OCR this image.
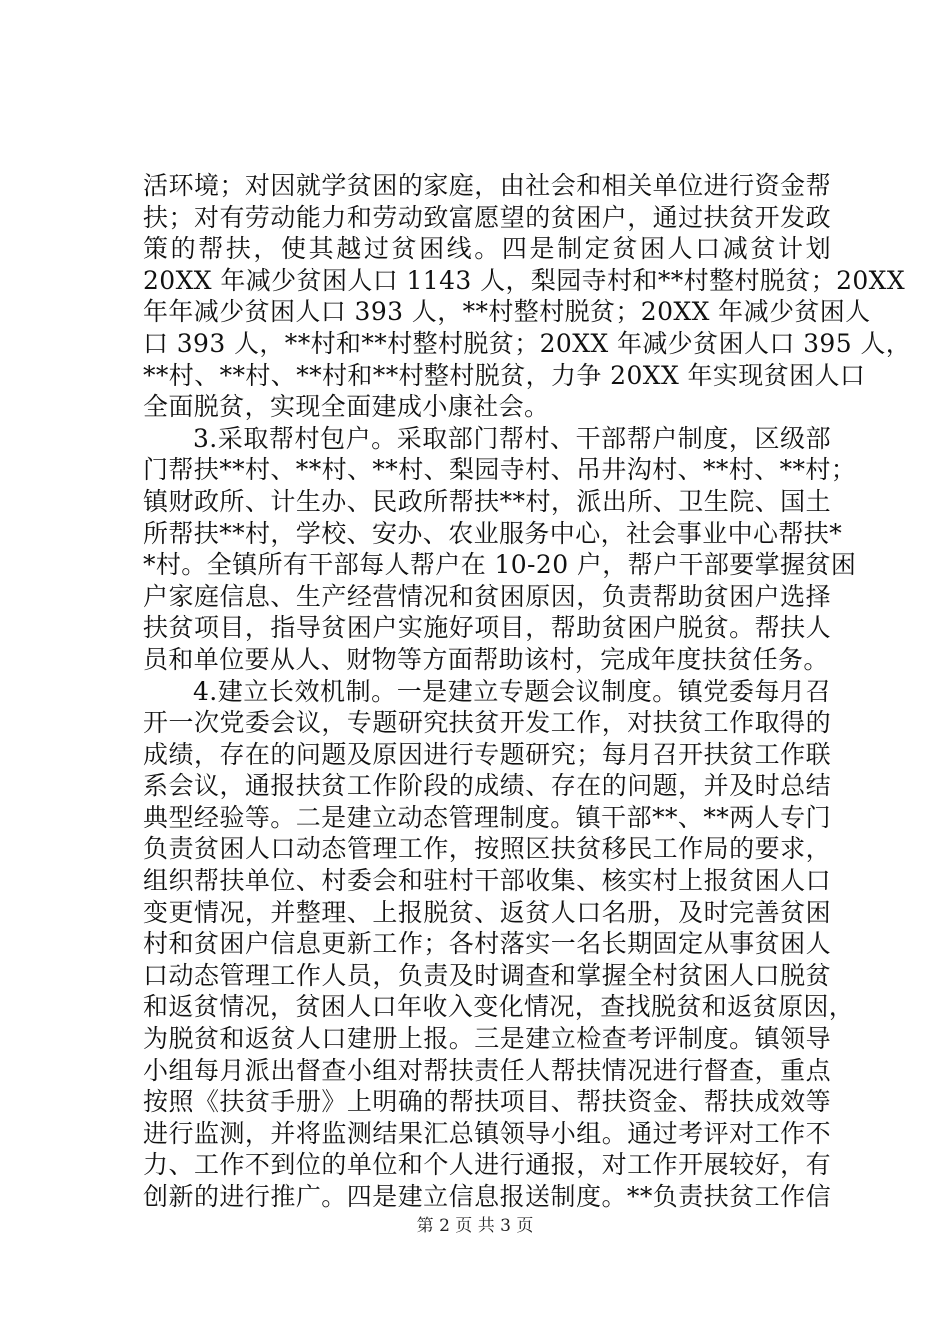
活环境；对因就学贫困的家庭，由社会和相关单位进行资金帮
扶；对有劳动能力和劳动致富愿望的贫困户，通过扶贫开发政
策的帮扶，使其越过贫困线。四是制定贫困人口减贫计划
20XX 年减少贫困人口 1143 人，梨园寺村和**村整村脱贫；20XX
年年减少贫困人口 393 人，**村整村脱贫；20XX 年减少贫困人
口 393 人，**村和**村整村脱贫；20XX 年减少贫困人口 395 人，
**村、**村、**村和**村整村脱贫，力争 20XX 年实现贫困人口
全面脱贫，实现全面建成小康社会。
3.采取帮村包户。采取部门帮村、干部帮户制度，区级部
门帮扶**村、**村、**村、梨园寺村、吊井沟村、**村、**村；
镇财政所、计生办、民政所帮扶**村，派出所、卫生院、国土
所帮扶**村，学校、安办、农业服务中心，社会事业中心帮扶*
*村。全镇所有干部每人帮户在 10-20 户，帮户干部要掌握贫困
户家庭信息、生产经营情况和贫困原因，负责帮助贫困户选择
扶贫项目，指导贫困户实施好项目，帮助贫困户脱贫。帮扶人
员和单位要从人、财物等方面帮助该村，完成年度扶贫任务。
4.建立长效机制。一是建立专题会议制度。镇党委每月召
开一次党委会议，专题研究扶贫开发工作，对扶贫工作取得的
成绩，存在的问题及原因进行专题研究；每月召开扶贫工作联
系会议，通报扶贫工作阶段的成绩、存在的问题，并及时总结
典型经验等。二是建立动态管理制度。镇干部**、**两人专门
负责贫困人口动态管理工作，按照区扶贫移民工作局的要求，
组织帮扶单位、村委会和驻村干部收集、核实村上报贫困人口
变更情况，并整理、上报脱贫、返贫人口名册，及时完善贫困
村和贫困户信息更新工作；各村落实一名长期固定从事贫困人
口动态管理工作人员，负责及时调查和掌握全村贫困人口脱贫
和返贫情况，贫困人口年收入变化情况，查找脱贫和返贫原因，
为脱贫和返贫人口建册上报。三是建立检查考评制度。镇领导
小组每月派出督查小组对帮扶责任人帮扶情况进行督查，重点
按照《扶贫手册》上明确的帮扶项目、帮扶资金、帮扶成效等
进行监测，并将监测结果汇总镇领导小组。通过考评对工作不
力、工作不到位的单位和个人进行通报，对工作开展较好，有
创新的进行推广。四是建立信息报送制度。**负责扶贫工作信
第 2 页 共 3 页
